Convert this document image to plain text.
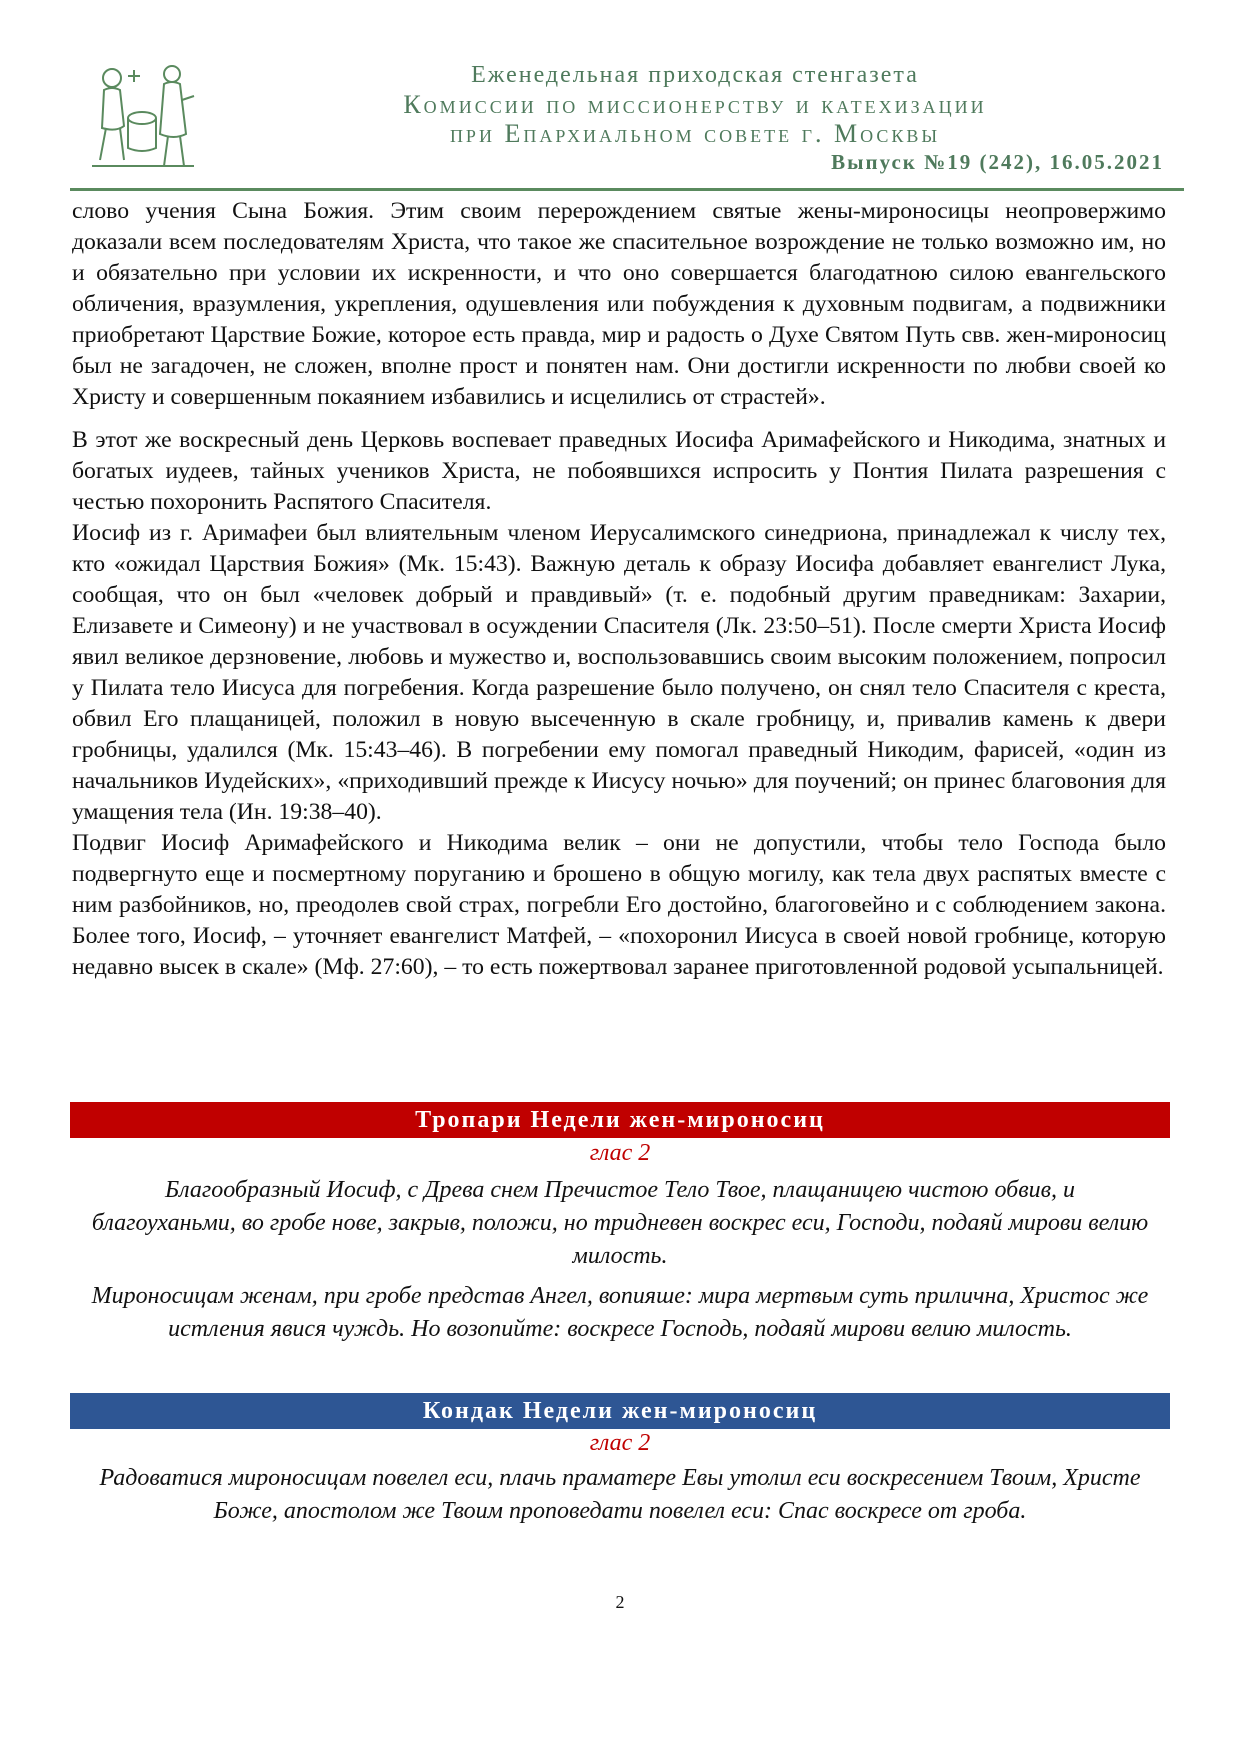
Еженедельная приходская стенгазета
Комиссии по миссионерству и катехизации
при Епархиальном совете г. Москвы
Выпуск №19 (242), 16.05.2021

слово учения Сына Божия. Этим своим перерождением святые жены-мироносицы неопровержимо доказали всем последователям Христа, что такое же спасительное возрождение не только возможно им, но и обязательно при условии их искренности, и что оно совершается благодатною силою евангельского обличения, вразумления, укрепления, одушевления или побуждения к духовным подвигам, а подвижники приобретают Царствие Божие, которое есть правда, мир и радость о Духе Святом Путь свв. жен-мироносиц был не загадочен, не сложен, вполне прост и понятен нам. Они достигли искренности по любви своей ко Христу и совершенным покаянием избавились и исцелились от страстей».

В этот же воскресный день Церковь воспевает праведных Иосифа Аримафейского и Никодима, знатных и богатых иудеев, тайных учеников Христа, не побоявшихся испросить у Понтия Пилата разрешения с честью похоронить Распятого Спасителя.

Иосиф из г. Аримафеи был влиятельным членом Иерусалимского синедриона, принадлежал к числу тех, кто «ожидал Царствия Божия» (Мк. 15:43). Важную деталь к образу Иосифа добавляет евангелист Лука, сообщая, что он был «человек добрый и правдивый» (т. е. подобный другим праведникам: Захарии, Елизавете и Симеону) и не участвовал в осуждении Спасителя (Лк. 23:50–51). После смерти Христа Иосиф явил великое дерзновение, любовь и мужество и, воспользовавшись своим высоким положением, попросил у Пилата тело Иисуса для погребения. Когда разрешение было получено, он снял тело Спасителя с креста, обвил Его плащаницей, положил в новую высеченную в скале гробницу, и, привалив камень к двери гробницы, удалился (Мк. 15:43–46). В погребении ему помогал праведный Никодим, фарисей, «один из начальников Иудейских», «приходивший прежде к Иисусу ночью» для поучений; он принес благовония для умащения тела (Ин. 19:38–40).

Подвиг Иосиф Аримафейского и Никодима велик – они не допустили, чтобы тело Господа было подвергнуто еще и посмертному поруганию и брошено в общую могилу, как тела двух распятых вместе с ним разбойников, но, преодолев свой страх, погребли Его достойно, благоговейно и с соблюдением закона. Более того, Иосиф, – уточняет евангелист Матфей, – «похоронил Иисуса в своей новой гробнице, которую недавно высек в скале» (Мф. 27:60), – то есть пожертвовал заранее приготовленной родовой усыпальницей.

Тропари Недели жен-мироносиц
глас 2
Благообразный Иосиф, с Древа снем Пречистое Тело Твое, плащаницею чистою обвив, и благоуханьми, во гробе нове, закрыв, положи, но тридневен воскрес еси, Господи, подаяй мирови велию милость.
Мироносицам женам, при гробе представ Ангел, вопияше: мира мертвым суть прилична, Христос же истления явися чуждь. Но возопийте: воскресе Господь, подаяй мирови велию милость.
Кондак Недели жен-мироносиц
глас 2
Радоватися мироносицам повелел еси, плачь праматере Евы утолил еси воскресением Твоим, Христе Боже, апостолом же Твоим проповедати повелел еси: Спас воскресе от гроба.
2
